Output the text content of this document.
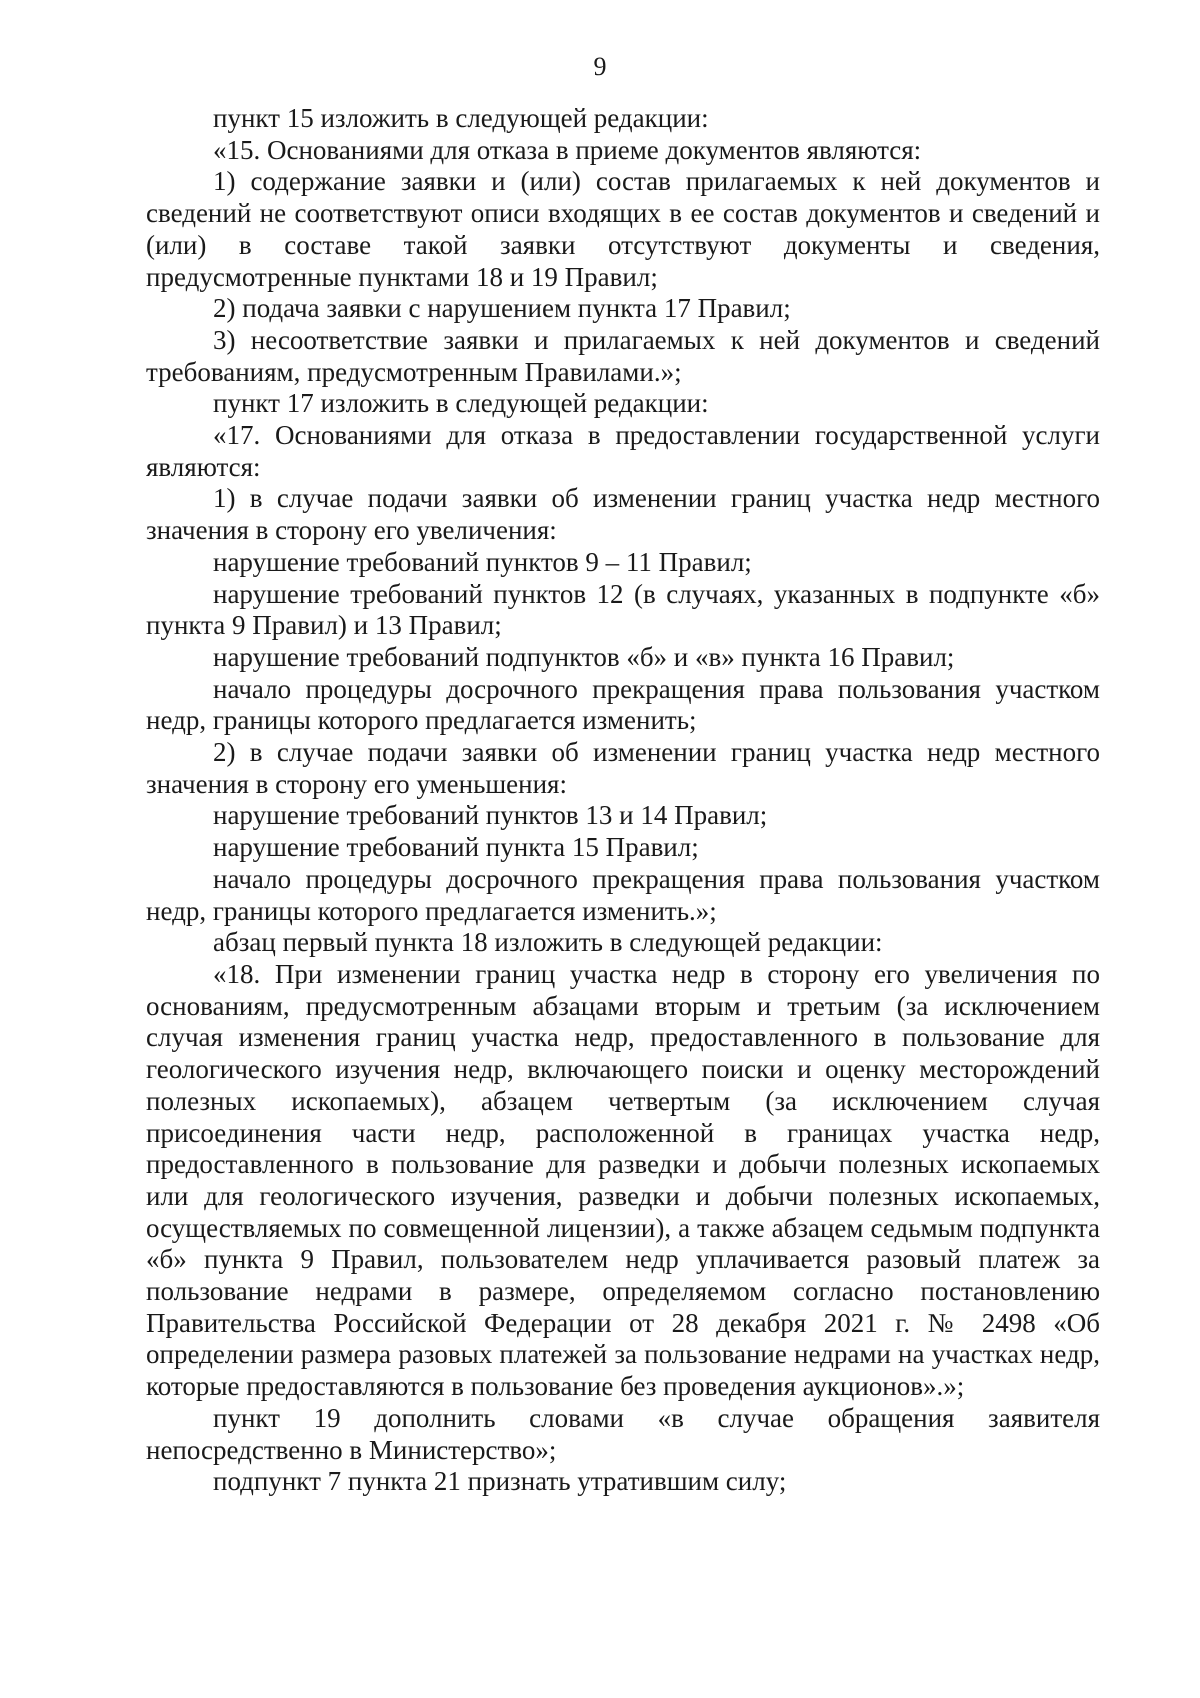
9

пункт 15 изложить в следующей редакции:

«15. Основаниями для отказа в приеме документов являются:

1) содержание заявки и (или) состав прилагаемых к ней документов и сведений не соответствуют описи входящих в ее состав документов и сведений и (или) в составе такой заявки отсутствуют документы и сведения, предусмотренные пунктами 18 и 19 Правил;

2) подача заявки с нарушением пункта 17 Правил;

3) несоответствие заявки и прилагаемых к ней документов и сведений требованиям, предусмотренным Правилами.»;

пункт 17 изложить в следующей редакции:

«17. Основаниями для отказа в предоставлении государственной услуги являются:

1) в случае подачи заявки об изменении границ участка недр местного значения в сторону его увеличения:

нарушение требований пунктов 9 – 11 Правил;

нарушение требований пунктов 12 (в случаях, указанных в подпункте «б» пункта 9 Правил) и 13 Правил;

нарушение требований подпунктов «б» и «в» пункта 16 Правил;

начало процедуры досрочного прекращения права пользования участком недр, границы которого предлагается изменить;

2) в случае подачи заявки об изменении границ участка недр местного значения в сторону его уменьшения:

нарушение требований пунктов 13 и 14 Правил;

нарушение требований пункта 15 Правил;

начало процедуры досрочного прекращения права пользования участком недр, границы которого предлагается изменить.»;

абзац первый пункта 18 изложить в следующей редакции:

«18. При изменении границ участка недр в сторону его увеличения по основаниям, предусмотренным абзацами вторым и третьим (за исключением случая изменения границ участка недр, предоставленного в пользование для геологического изучения недр, включающего поиски и оценку месторождений полезных ископаемых), абзацем четвертым (за исключением случая присоединения части недр, расположенной в границах участка недр, предоставленного в пользование для разведки и добычи полезных ископаемых или для геологического изучения, разведки и добычи полезных ископаемых, осуществляемых по совмещенной лицензии), а также абзацем седьмым подпункта «б» пункта 9 Правил, пользователем недр уплачивается разовый платеж за пользование недрами в размере, определяемом согласно постановлению Правительства Российской Федерации от 28 декабря 2021 г. № 2498 «Об определении размера разовых платежей за пользование недрами на участках недр, которые предоставляются в пользование без проведения аукционов».»;

пункт 19 дополнить словами «в случае обращения заявителя непосредственно в Министерство»;

подпункт 7 пункта 21 признать утратившим силу;
